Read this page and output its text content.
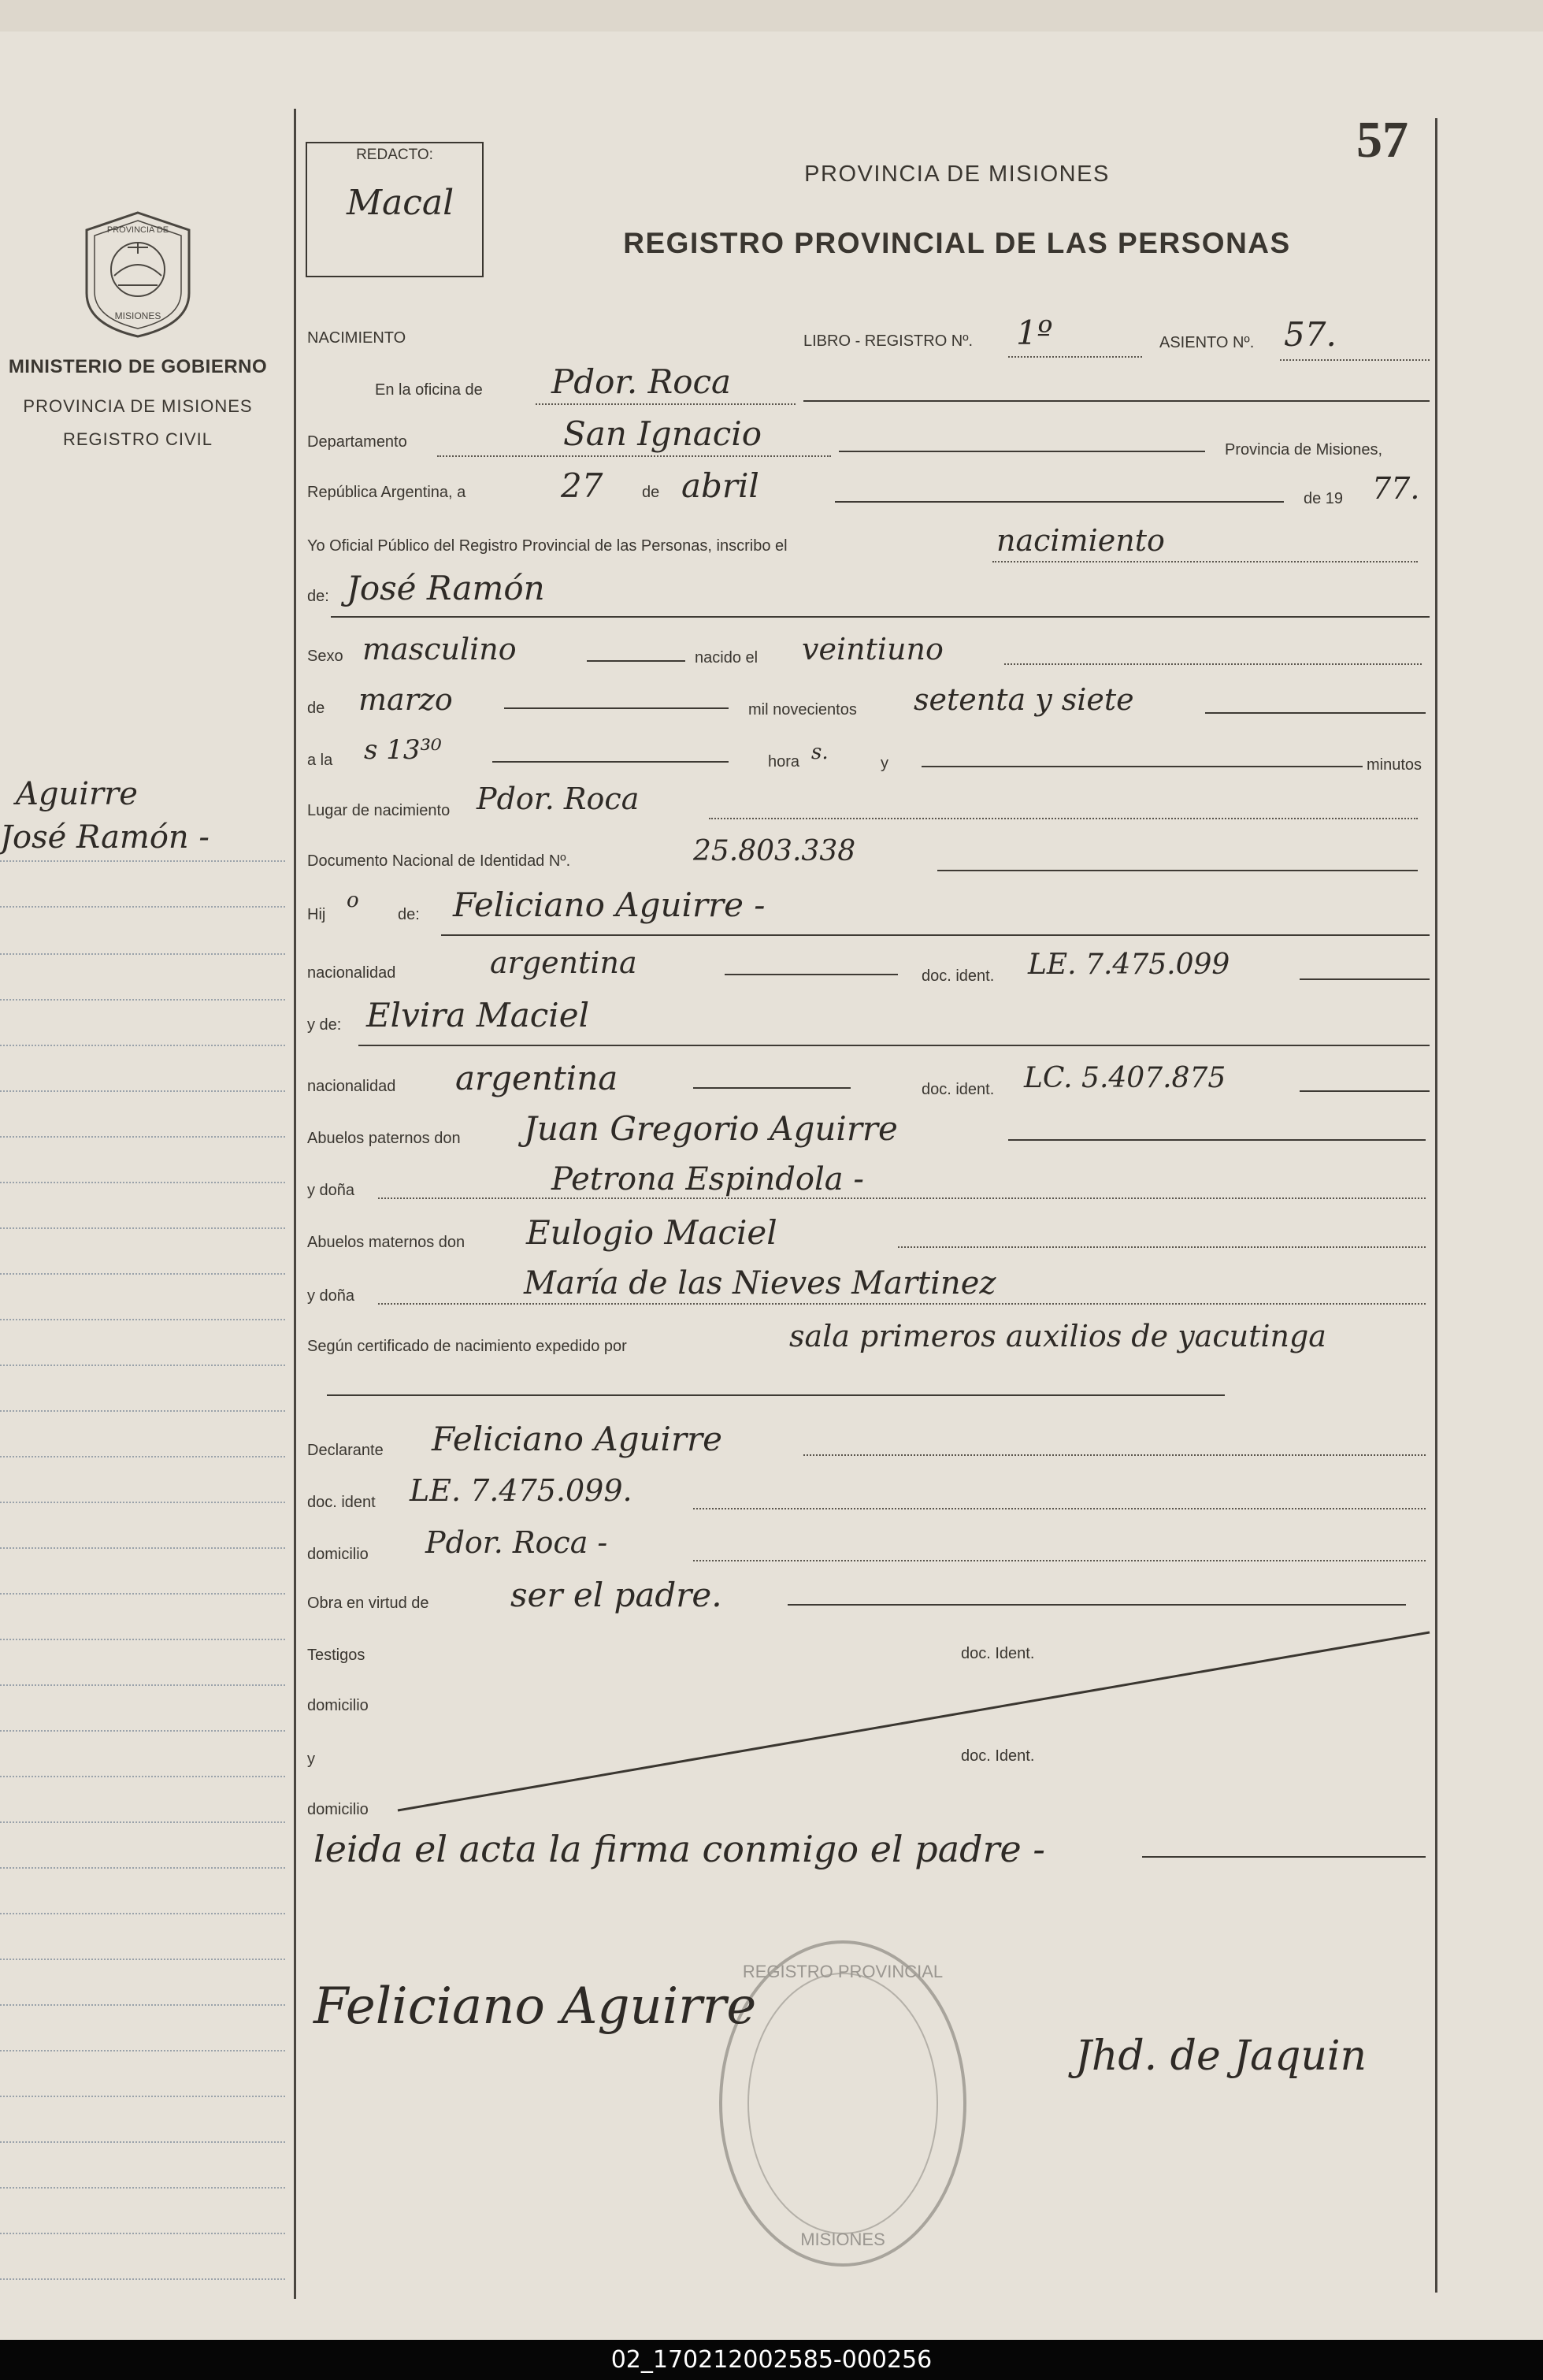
PROVINCIA DE
MISIONES
MINISTERIO DE GOBIERNO
PROVINCIA DE MISIONES
REGISTRO CIVIL
Aguirre
José Ramón -
REDACTO:
Macal
57
PROVINCIA DE MISIONES
REGISTRO PROVINCIAL DE LAS PERSONAS
NACIMIENTO	LIBRO - REGISTRO Nº. 1º	ASIENTO Nº. 57.
En la oficina de Pdor. Roca
Departamento	San Ignacio	Provincia de Misiones,
República Argentina, a	27 de abril	de 19 77.
Yo Oficial Público del Registro Provincial de las Personas, inscribo el	nacimiento
de: José Ramón
Sexo masculino	nacido el veintiuno
de marzo	mil novecientos setenta y siete
a la s 13³⁰	hora s.	y	minutos
Lugar de nacimiento Pdor. Roca
Documento Nacional de Identidad Nº.	25.803.338
Hij
o
de: Feliciano Aguirre -
nacionalidad	argentina	doc. ident. LE. 7.475.099
y de: Elvira Maciel
nacionalidad argentina	doc. ident. LC. 5.407.875
Abuelos paternos don Juan Gregorio Aguirre
y doña	Petrona Espindola -
Abuelos maternos don Eulogio Maciel
y doña	María de las Nieves Martinez
Según certificado de nacimiento expedido por	sala primeros auxilios de yacutinga
Declarante Feliciano Aguirre
doc. ident LE. 7.475.099.
domicilio Pdor. Roca -
Obra en virtud de ser el padre.
Testigos	doc. Ident.
domicilio
y	doc. Ident.
domicilio
leida el acta la firma conmigo el padre -
REGISTRO PROVINCIAL
MISIONES
Feliciano Aguirre
Jhd. de Jaquin
02_170212002585-000256
